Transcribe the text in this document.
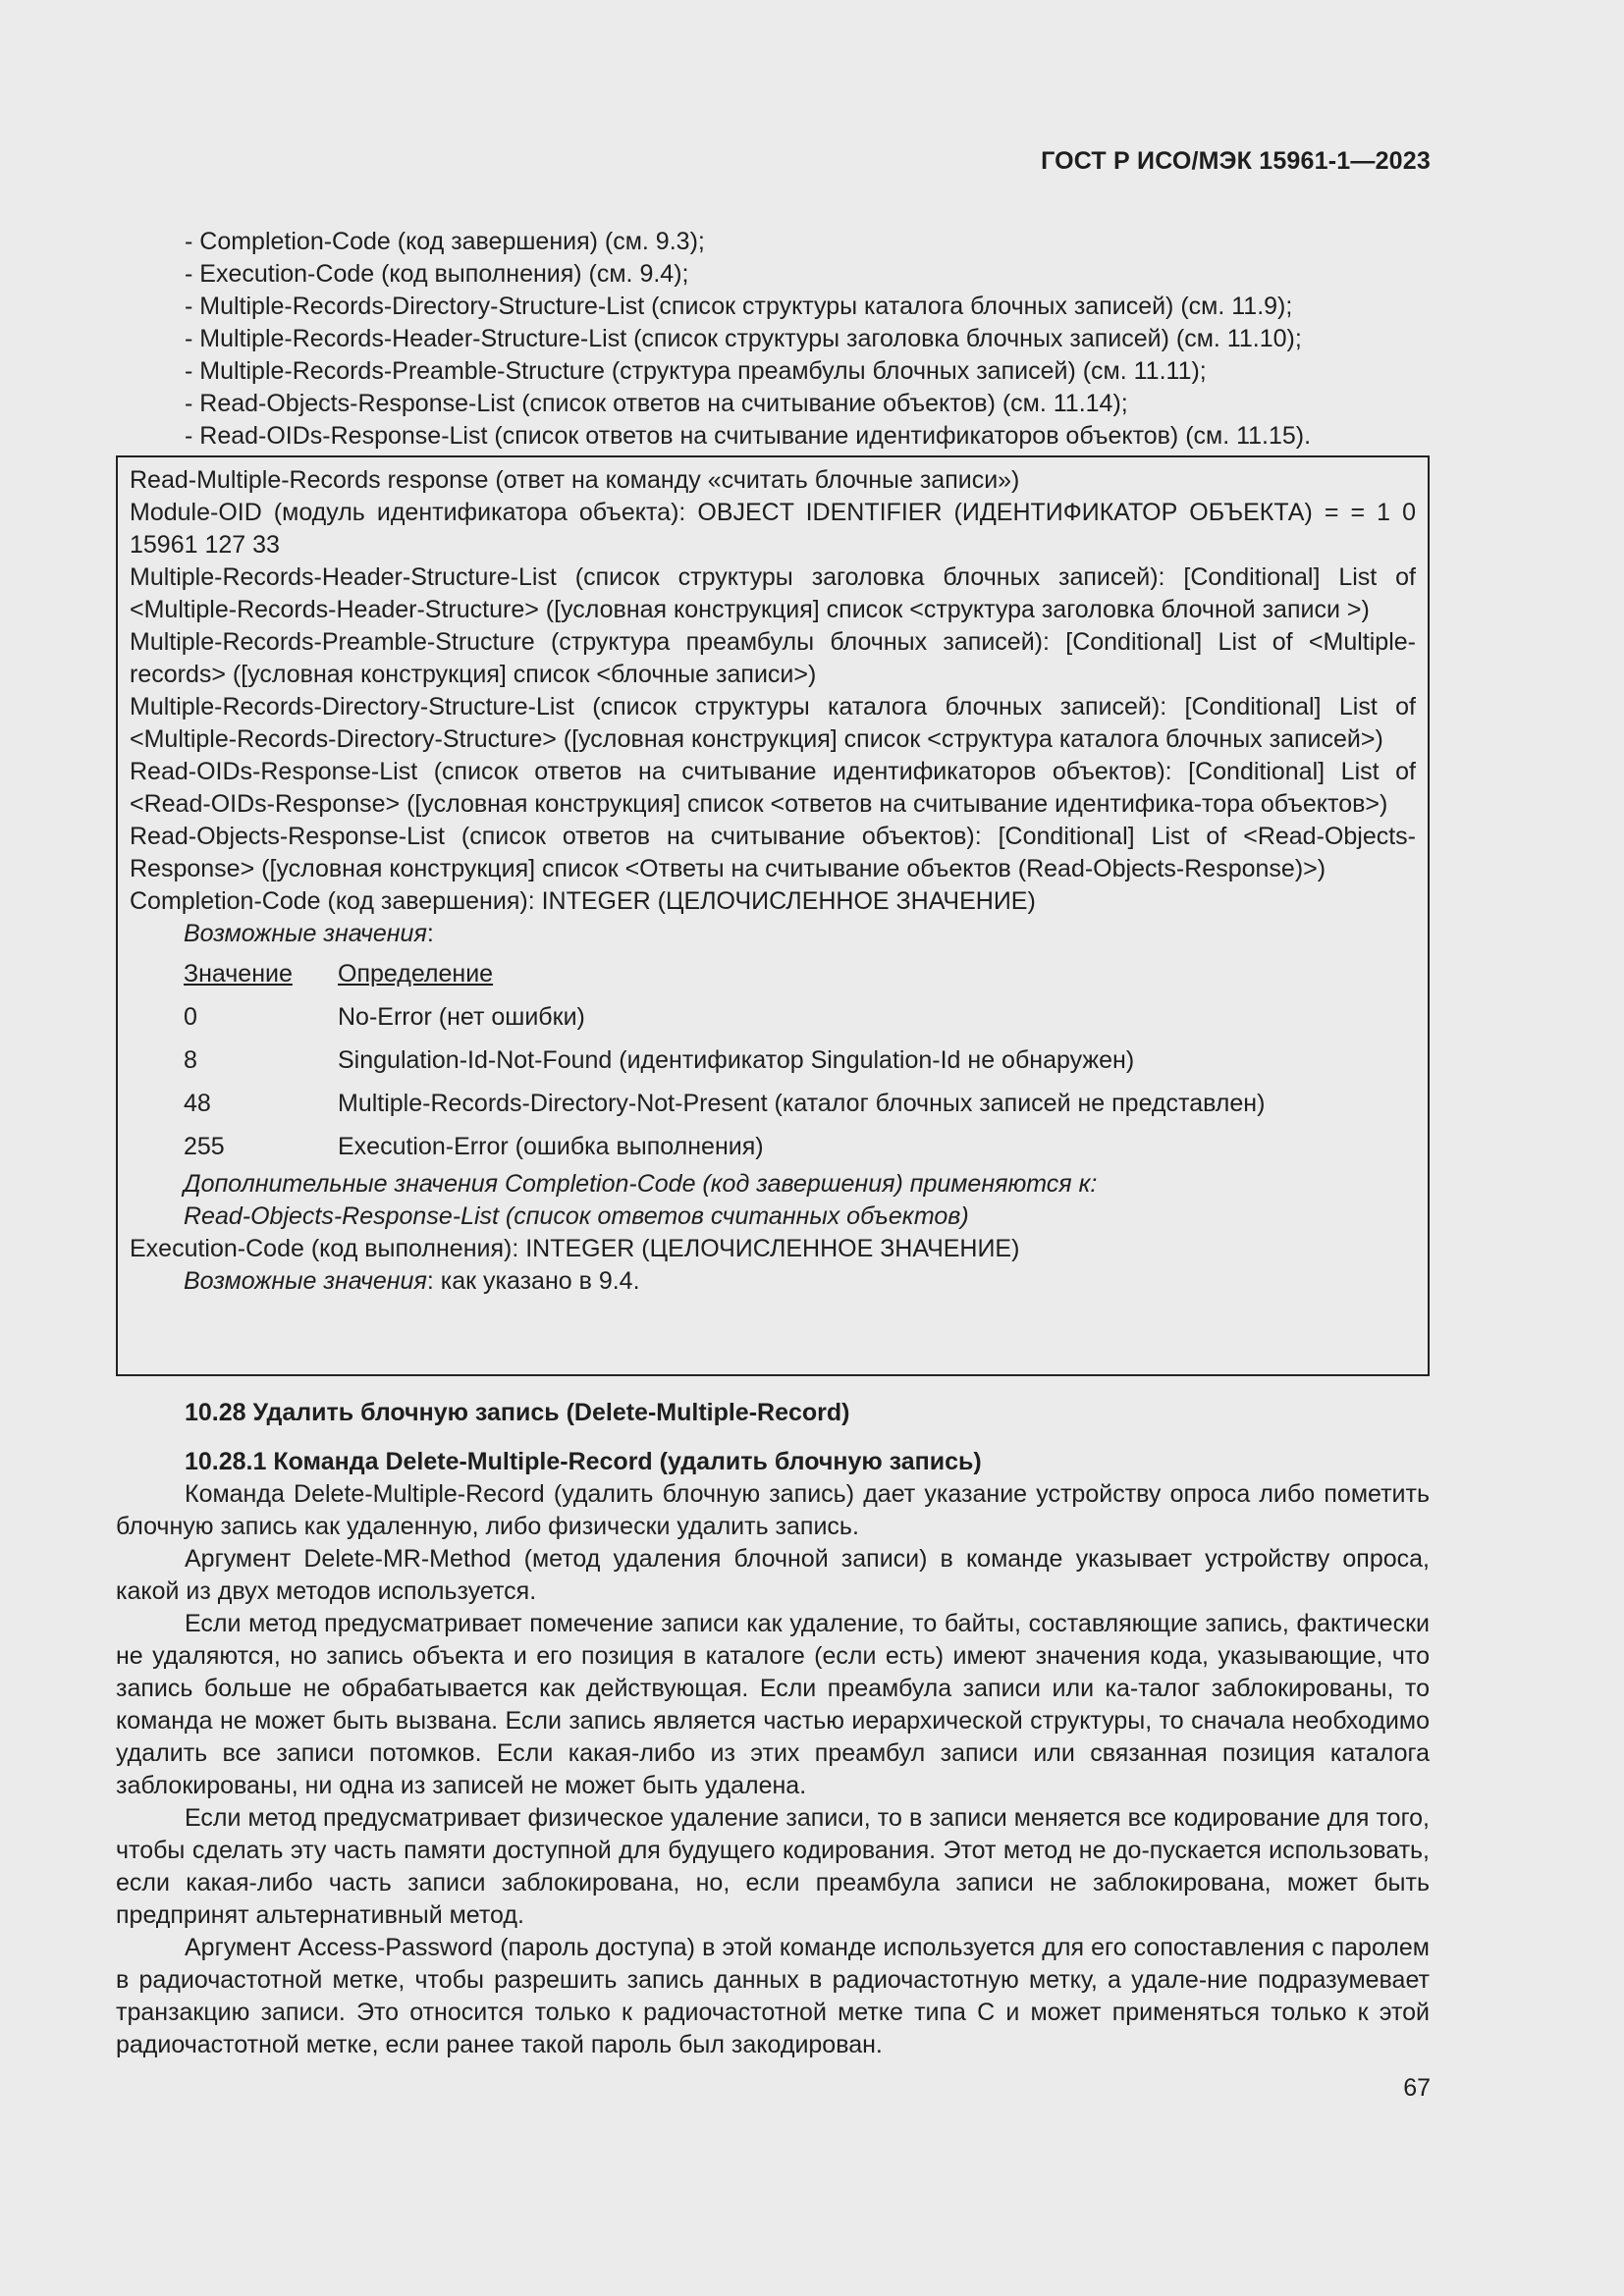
ГОСТ Р ИСО/МЭК 15961-1—2023
- Completion-Code (код завершения) (см. 9.3);
- Execution-Code (код выполнения) (см. 9.4);
- Multiple-Records-Directory-Structure-List (список структуры каталога блочных записей) (см. 11.9);
- Multiple-Records-Header-Structure-List (список структуры заголовка блочных записей) (см. 11.10);
- Multiple-Records-Preamble-Structure (структура преамбулы блочных записей) (см. 11.11);
- Read-Objects-Response-List (список ответов на считывание объектов) (см. 11.14);
- Read-OIDs-Response-List (список ответов на считывание идентификаторов объектов) (см. 11.15).
Read-Multiple-Records response (ответ на команду «считать блочные записи»)
Module-OID (модуль идентификатора объекта): OBJECT IDENTIFIER (ИДЕНТИФИКАТОР ОБЪЕКТА) = = 1 0 15961 127 33
Multiple-Records-Header-Structure-List (список структуры заголовка блочных записей): [Conditional] List of <Multiple-Records-Header-Structure> ([условная конструкция] список <структура заголовка блочной записи >)
Multiple-Records-Preamble-Structure (структура преамбулы блочных записей): [Conditional] List of <Multiple-records> ([условная конструкция] список <блочные записи>)
Multiple-Records-Directory-Structure-List (список структуры каталога блочных записей): [Conditional] List of <Multiple-Records-Directory-Structure> ([условная конструкция] список <структура каталога блочных записей>)
Read-OIDs-Response-List (список ответов на считывание идентификаторов объектов): [Conditional] List of <Read-OIDs-Response> ([условная конструкция] список <ответов на считывание идентифика-тора объектов>)
Read-Objects-Response-List (список ответов на считывание объектов): [Conditional] List of <Read-Objects-Response> ([условная конструкция] список <Ответы на считывание объектов (Read-Objects-Response)>)
Completion-Code (код завершения): INTEGER (ЦЕЛОЧИСЛЕННОЕ ЗНАЧЕНИЕ)
Возможные значения:
Значение	Определение
0	No-Error (нет ошибки)
8	Singulation-Id-Not-Found (идентификатор Singulation-Id не обнаружен)
48	Multiple-Records-Directory-Not-Present (каталог блочных записей не представлен)
255	Execution-Error (ошибка выполнения)
Дополнительные значения Completion-Code (код завершения) применяются к:
Read-Objects-Response-List (список ответов считанных объектов)
Execution-Code (код выполнения): INTEGER (ЦЕЛОЧИСЛЕННОЕ ЗНАЧЕНИЕ)
Возможные значения: как указано в 9.4.
10.28 Удалить блочную запись (Delete-Multiple-Record)
10.28.1 Команда Delete-Multiple-Record (удалить блочную запись)

Команда Delete-Multiple-Record (удалить блочную запись) дает указание устройству опроса либо пометить блочную запись как удаленную, либо физически удалить запись.

Аргумент Delete-MR-Method (метод удаления блочной записи) в команде указывает устройству опроса, какой из двух методов используется.

Если метод предусматривает помечение записи как удаление, то байты, составляющие запись, фактически не удаляются, но запись объекта и его позиция в каталоге (если есть) имеют значения кода, указывающие, что запись больше не обрабатывается как действующая. Если преамбула записи или ка-талог заблокированы, то команда не может быть вызвана. Если запись является частью иерархической структуры, то сначала необходимо удалить все записи потомков. Если какая-либо из этих преамбул записи или связанная позиция каталога заблокированы, ни одна из записей не может быть удалена.

Если метод предусматривает физическое удаление записи, то в записи меняется все кодирование для того, чтобы сделать эту часть памяти доступной для будущего кодирования. Этот метод не до-пускается использовать, если какая-либо часть записи заблокирована, но, если преамбула записи не заблокирована, может быть предпринят альтернативный метод.

Аргумент Access-Password (пароль доступа) в этой команде используется для его сопоставления с паролем в радиочастотной метке, чтобы разрешить запись данных в радиочастотную метку, а удале-ние подразумевает транзакцию записи. Это относится только к радиочастотной метке типа C и может применяться только к этой радиочастотной метке, если ранее такой пароль был закодирован.

67
